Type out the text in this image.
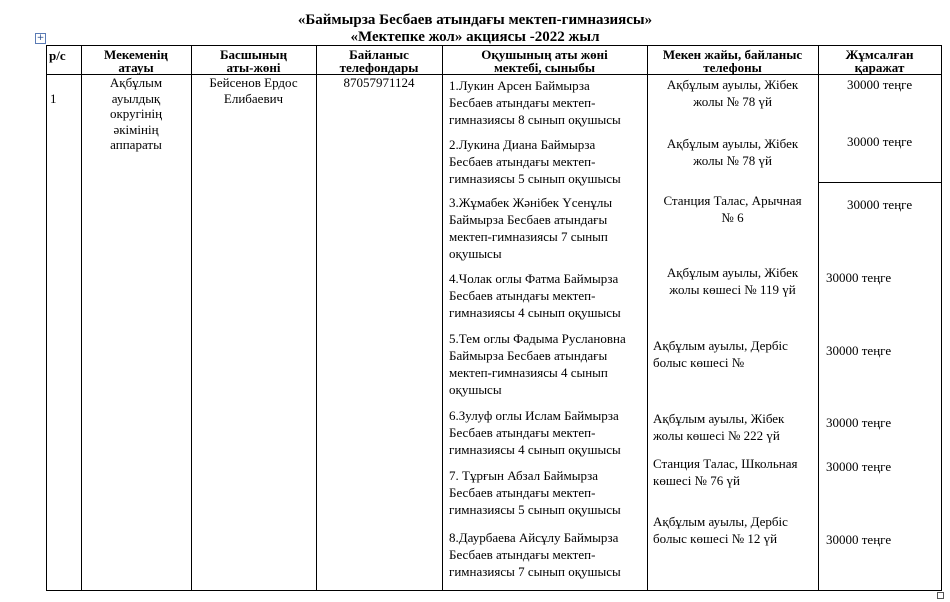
«Баймырза Бесбаев атындағы мектеп-гимназиясы»
«Мектепке жол» акциясы -2022 жыл
+
р/с	Мекеменің
атауы
Басшының
аты-жөні
Байланыс
телефондары
Оқушының аты жөні
мектебі, сыныбы
Мекен жайы, байланыс
телефоны
Жұмсалған
қаражат
1
Ақбұлым
ауылдық
округінің
әкімінің
аппараты
Бейсенов Ердос
Елибаевич
87057971124	1.Лукин Арсен Баймырза
Бесбаев атындағы мектеп-
гимназиясы 8 сынып оқушысы
2.Лукина Диана Баймырза
Бесбаев атындағы мектеп-
гимназиясы 5 сынып оқушысы
3.Жұмабек Жәнібек Үсенұлы
Баймырза Бесбаев атындағы
мектеп-гимназиясы 7 сынып
оқушысы
4.Чолак оглы Фатма Баймырза
Бесбаев атындағы мектеп-
гимназиясы 4 сынып оқушысы
5.Тем оглы Фадыма Руслановна
Баймырза Бесбаев атындағы
мектеп-гимназиясы 4 сынып
оқушысы
6.Зулуф оглы Ислам Баймырза
Бесбаев атындағы мектеп-
гимназиясы 4 сынып оқушысы
7. Тұрғын Абзал Баймырза
Бесбаев атындағы мектеп-
гимназиясы 5 сынып оқушысы
8.Даурбаева Айсұлу Баймырза
Бесбаев атындағы мектеп-
гимназиясы 7 сынып оқушысы
Ақбұлым ауылы, Жібек
жолы № 78 үй
Ақбұлым ауылы, Жібек
жолы № 78 үй
Станция Талас, Арычная
№ 6
Ақбұлым ауылы, Жібек
жолы көшесі № 119 үй
Ақбұлым ауылы, Дербіс
болыс көшесі №
Ақбұлым ауылы, Жібек
жолы көшесі № 222 үй
Станция Талас, Школьная
көшесі № 76 үй
Ақбұлым ауылы, Дербіс
болыс көшесі № 12 үй
30000 теңге
30000 теңге
30000 теңге
30000 теңге
30000 теңге
30000 теңге
30000 теңге
30000 теңге
